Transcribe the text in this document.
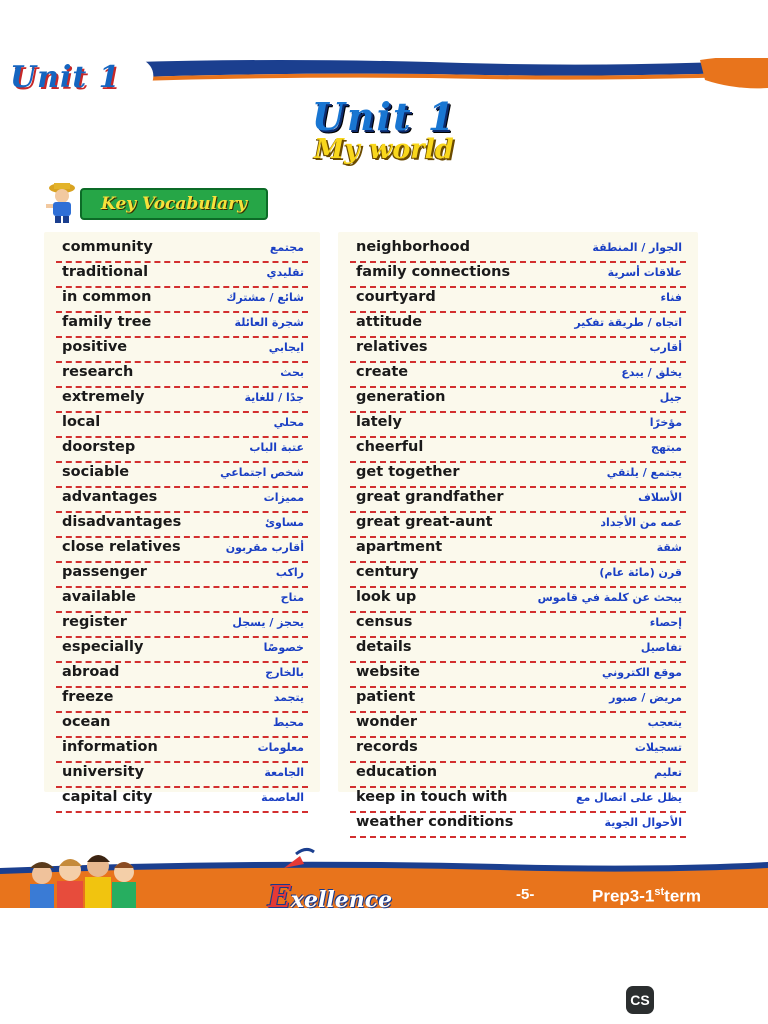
Unit 1
Unit 1
My world
Key Vocabulary
community	مجتمع
traditional	تقليدي
in common	شائع / مشترك
family tree	شجرة العائلة
positive	ايجابي
research	بحث
extremely	جدًا / للغاية
local	محلي
doorstep	عتبة الباب
sociable	شخص اجتماعي
advantages	مميزات
disadvantages	مساوئ
close relatives	أقارب مقربون
passenger	راكب
available	متاح
register	يحجز / يسجل
especially	خصوصًا
abroad	بالخارج
freeze	يتجمد
ocean	محيط
information	معلومات
university	الجامعة
capital city	العاصمة
neighborhood	الجوار / المنطقة
family connections	علاقات أسرية
courtyard	فناء
attitude	اتجاه / طريقة تفكير
relatives	أقارب
create	يخلق / يبدع
generation	جيل
lately	مؤخرًا
cheerful	مبتهج
get together	يجتمع / يلتقي
great grandfather	الأسلاف
great great-aunt	عمه من الأجداد
apartment	شقة
century	قرن (مائة عام)
look up	يبحث عن كلمة في قاموس
census	إحصاء
details	تفاصيل
website	موقع الكتروني
patient	مريض / صبور
wonder	يتعجب
records	تسجيلات
education	تعليم
keep in touch with	يظل على اتصال مع
weather conditions	الأحوال الجوية
Exellence	-5-	Prep3-1stterm
CS
